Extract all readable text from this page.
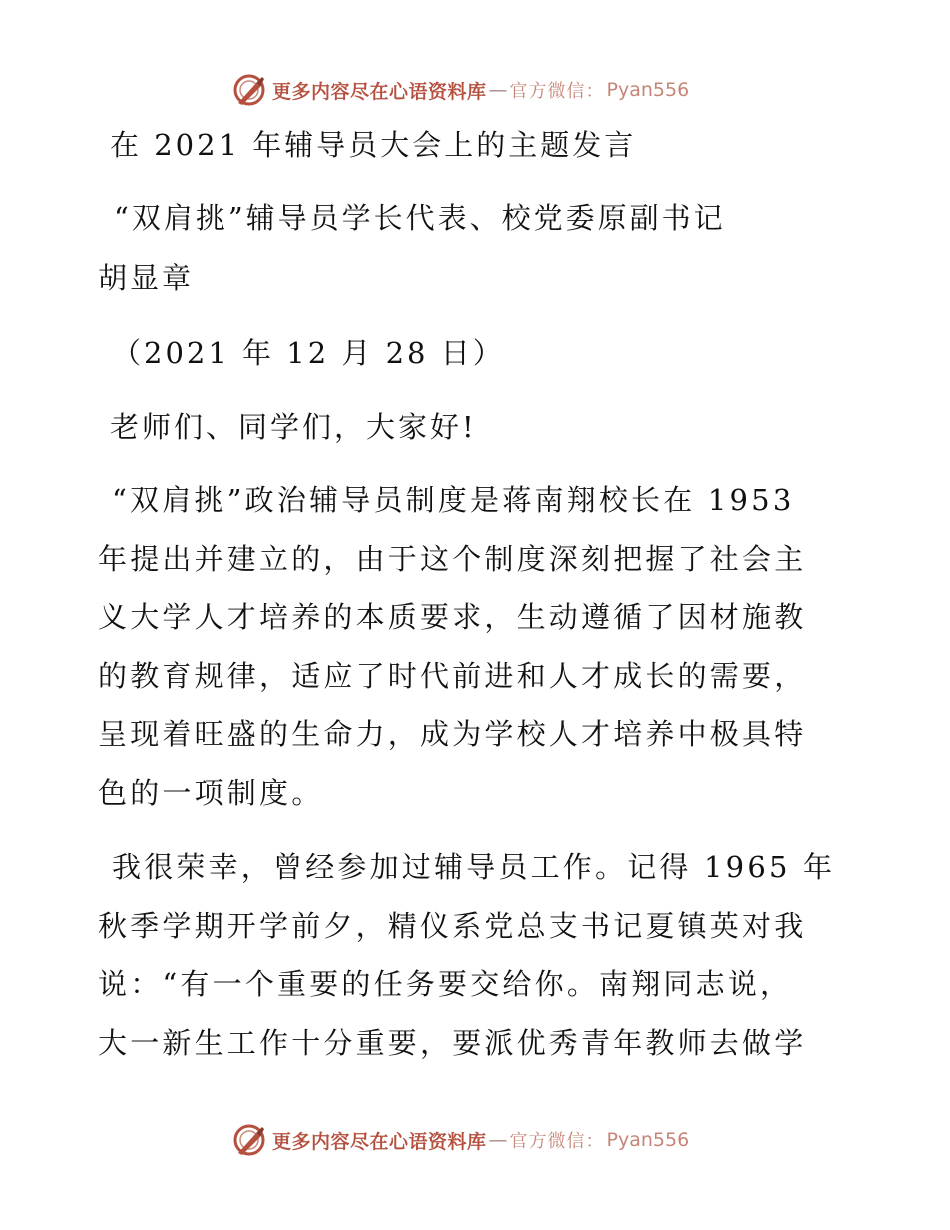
更多内容尽在心语资料库 — 官方微信： Pyan556
在 2021 年辅导员大会上的主题发言
“双肩挑”辅导员学长代表、校党委原副书记
胡显章
（2021 年 12 月 28 日）
老师们、同学们，大家好!
“双肩挑”政治辅导员制度是蒋南翔校长在 1953
年提出并建立的，由于这个制度深刻把握了社会主
义大学人才培养的本质要求，生动遵循了因材施教
的教育规律，适应了时代前进和人才成长的需要，
呈现着旺盛的生命力，成为学校人才培养中极具特
色的一项制度。
我很荣幸，曾经参加过辅导员工作。记得 1965 年
秋季学期开学前夕，精仪系党总支书记夏镇英对我
说：“有一个重要的任务要交给你。南翔同志说，
大一新生工作十分重要，要派优秀青年教师去做学
更多内容尽在心语资料库 — 官方微信： Pyan556
